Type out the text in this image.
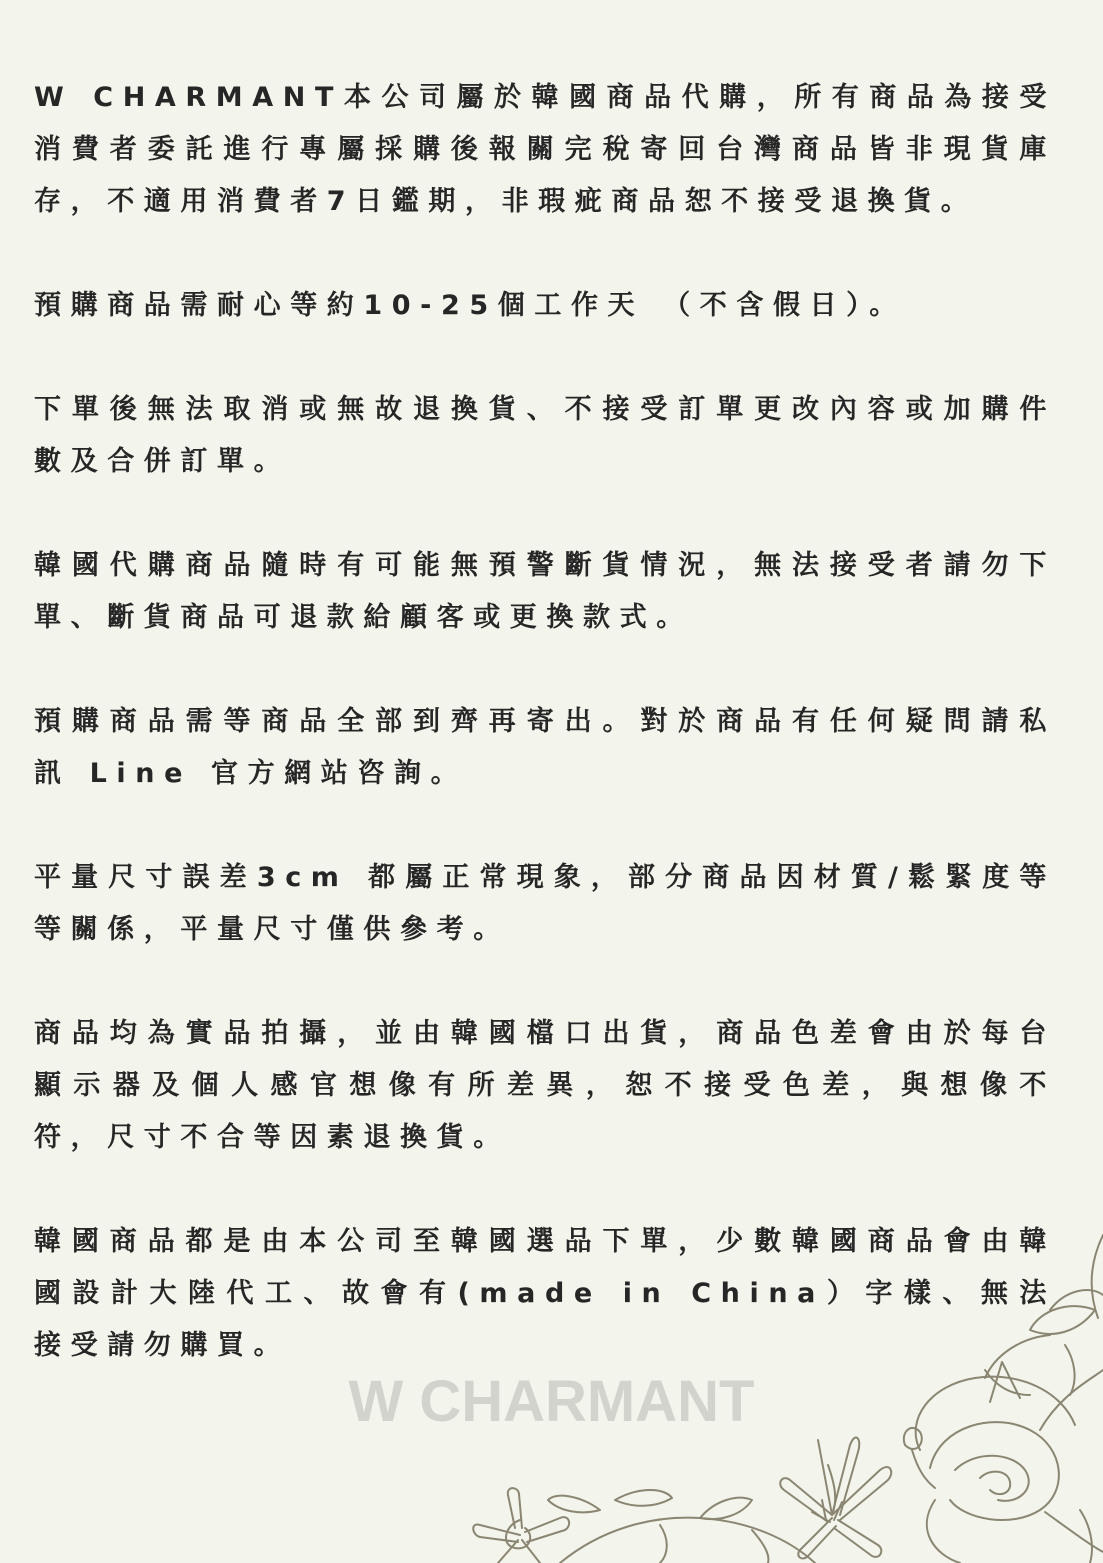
W CHARMANT本公司屬於韓國商品代購，所有商品為接受消費者委託進行專屬採購後報關完稅寄回台灣商品皆非現貨庫存，不適用消費者7日鑑期，非瑕疵商品恕不接受退換貨。

預購商品需耐心等約10-25個工作天 （不含假日）。

下單後無法取消或無故退換貨、不接受訂單更改內容或加購件數及合併訂單。

韓國代購商品隨時有可能無預警斷貨情況，無法接受者請勿下單、斷貨商品可退款給顧客或更換款式。

預購商品需等商品全部到齊再寄出。對於商品有任何疑問請私訊 Line 官方網站咨詢。

平量尺寸誤差3cm 都屬正常現象，部分商品因材質/鬆緊度等等關係，平量尺寸僅供參考。

商品均為實品拍攝，並由韓國檔口出貨，商品色差會由於每台顯示器及個人感官想像有所差異，恕不接受色差，與想像不符，尺寸不合等因素退換貨。

韓國商品都是由本公司至韓國選品下單，少數韓國商品會由韓國設計大陸代工、故會有(made in China）字樣、無法接受請勿購買。

W CHARMANT
